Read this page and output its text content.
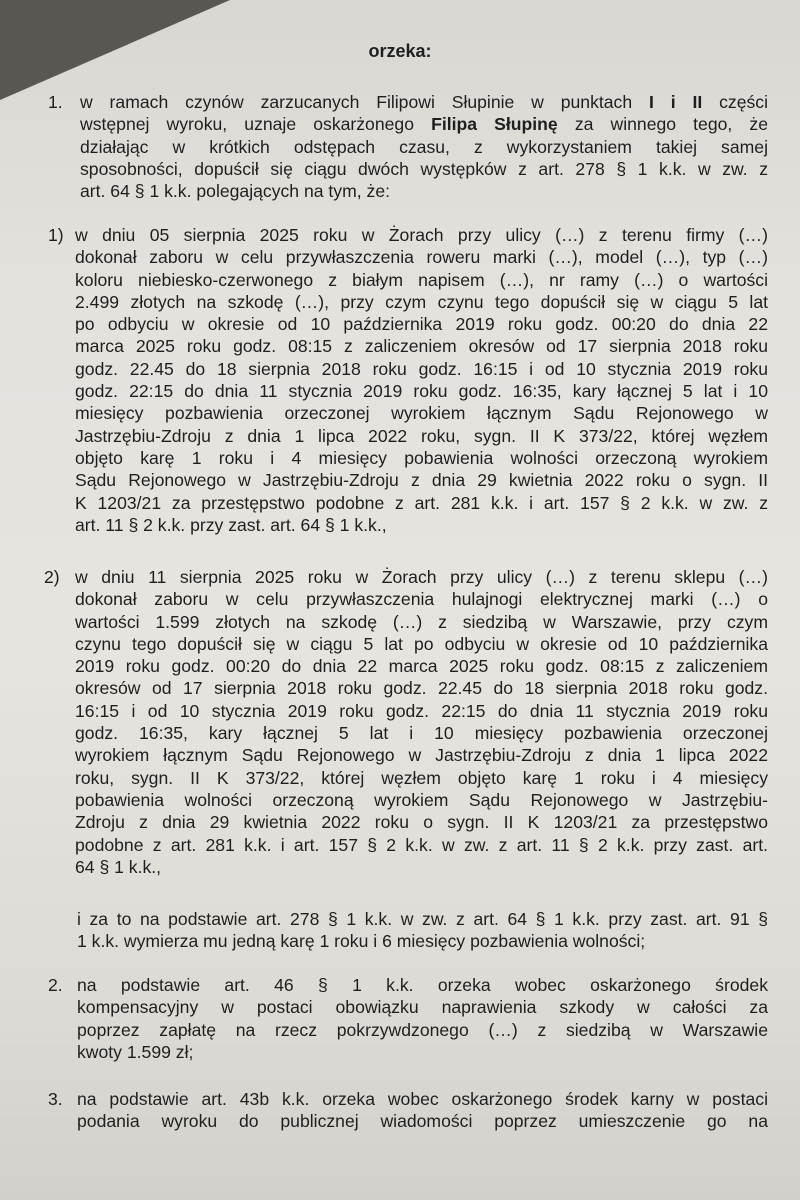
orzeka:
1. w ramach czynów zarzucanych Filipowi Słupinie w punktach I i II części
wstępnej wyroku, uznaje oskarżonego Filipa Słupinę za winnego tego, że
działając w krótkich odstępach czasu, z wykorzystaniem takiej samej
sposobności, dopuścił się ciągu dwóch występków z art. 278 § 1 k.k. w zw. z
art. 64 § 1 k.k. polegających na tym, że:
1) w dniu 05 sierpnia 2025 roku w Żorach przy ulicy (…) z terenu firmy (…)
dokonał zaboru w celu przywłaszczenia roweru marki (…), model (…), typ (…)
koloru niebiesko-czerwonego z białym napisem (…), nr ramy (…) o wartości
2.499 złotych na szkodę (…), przy czym czynu tego dopuścił się w ciągu 5 lat
po odbyciu w okresie od 10 października 2019 roku godz. 00:20 do dnia 22
marca 2025 roku godz. 08:15 z zaliczeniem okresów od 17 sierpnia 2018 roku
godz. 22.45 do 18 sierpnia 2018 roku godz. 16:15 i od 10 stycznia 2019 roku
godz. 22:15 do dnia 11 stycznia 2019 roku godz. 16:35, kary łącznej 5 lat i 10
miesięcy pozbawienia orzeczonej wyrokiem łącznym Sądu Rejonowego w
Jastrzębiu-Zdroju z dnia 1 lipca 2022 roku, sygn. II K 373/22, której węzłem
objęto karę 1 roku i 4 miesięcy pobawienia wolności orzeczoną wyrokiem
Sądu Rejonowego w Jastrzębiu-Zdroju z dnia 29 kwietnia 2022 roku o sygn. II
K 1203/21 za przestępstwo podobne z art. 281 k.k. i art. 157 § 2 k.k. w zw. z
art. 11 § 2 k.k. przy zast. art. 64 § 1 k.k.,
2) w dniu 11 sierpnia 2025 roku w Żorach przy ulicy (…) z terenu sklepu (…)
dokonał zaboru w celu przywłaszczenia hulajnogi elektrycznej marki (…) o
wartości 1.599 złotych na szkodę (…) z siedzibą w Warszawie, przy czym
czynu tego dopuścił się w ciągu 5 lat po odbyciu w okresie od 10 października
2019 roku godz. 00:20 do dnia 22 marca 2025 roku godz. 08:15 z zaliczeniem
okresów od 17 sierpnia 2018 roku godz. 22.45 do 18 sierpnia 2018 roku godz.
16:15 i od 10 stycznia 2019 roku godz. 22:15 do dnia 11 stycznia 2019 roku
godz. 16:35, kary łącznej 5 lat i 10 miesięcy pozbawienia orzeczonej
wyrokiem łącznym Sądu Rejonowego w Jastrzębiu-Zdroju z dnia 1 lipca 2022
roku, sygn. II K 373/22, której węzłem objęto karę 1 roku i 4 miesięcy
pobawienia wolności orzeczoną wyrokiem Sądu Rejonowego w Jastrzębiu-
Zdroju z dnia 29 kwietnia 2022 roku o sygn. II K 1203/21 za przestępstwo
podobne z art. 281 k.k. i art. 157 § 2 k.k. w zw. z art. 11 § 2 k.k. przy zast. art.
64 § 1 k.k.,
i za to na podstawie art. 278 § 1 k.k. w zw. z art. 64 § 1 k.k. przy zast. art. 91 §
1 k.k. wymierza mu jedną karę 1 roku i 6 miesięcy pozbawienia wolności;
2. na podstawie art. 46 § 1 k.k. orzeka wobec oskarżonego środek
kompensacyjny w postaci obowiązku naprawienia szkody w całości za
poprzez zapłatę na rzecz pokrzywdzonego (…) z siedzibą w Warszawie
kwoty 1.599 zł;
3. na podstawie art. 43b k.k. orzeka wobec oskarżonego środek karny w postaci
podania wyroku do publicznej wiadomości poprzez umieszczenie go na
